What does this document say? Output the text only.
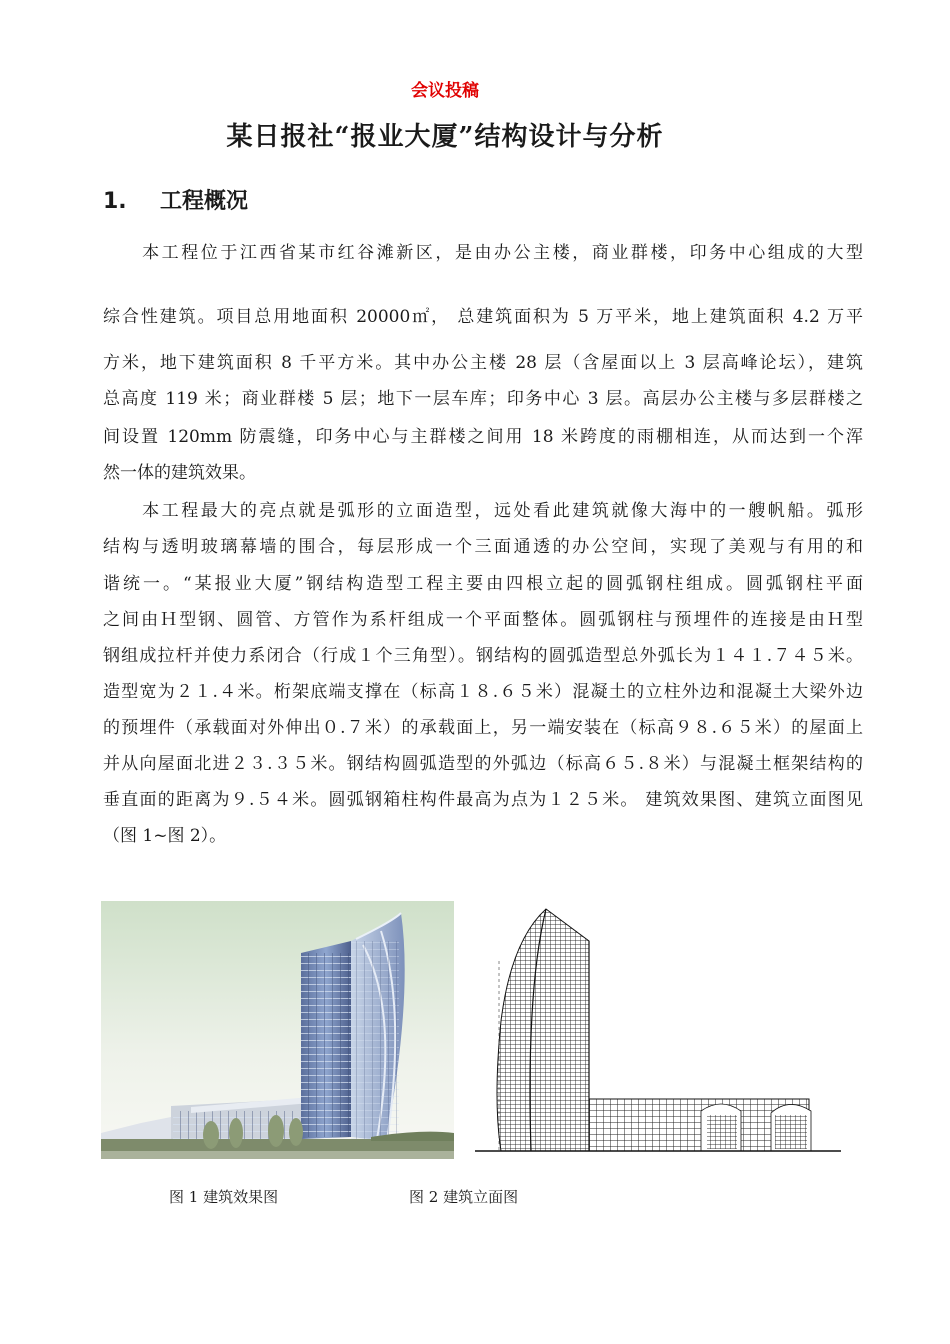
会议投稿
某日报社“报业大厦”结构设计与分析
1. 工程概况

　　本工程位于江西省某市红谷滩新区，是由办公主楼，商业群楼，印务中心组成的大型
综合性建筑。项目总用地面积 20000㎡， 总建筑面积为 5 万平米，地上建筑面积 4.2 万平
方米，地下建筑面积 8 千平方米。其中办公主楼 28 层（含屋面以上 3 层高峰论坛），建筑
总高度 119 米；商业群楼 5 层；地下一层车库；印务中心 3 层。高层办公主楼与多层群楼之
间设置 120mm 防震缝，印务中心与主群楼之间用 18 米跨度的雨棚相连，从而达到一个浑
然一体的建筑效果。

　　本工程最大的亮点就是弧形的立面造型，远处看此建筑就像大海中的一艘帆船。弧形
结构与透明玻璃幕墙的围合，每层形成一个三面通透的办公空间，实现了美观与有用的和
谐统一。“某报业大厦”钢结构造型工程主要由四根立起的圆弧钢柱组成。圆弧钢柱平面
之间由Ｈ型钢、圆管、方管作为系杆组成一个平面整体。圆弧钢柱与预埋件的连接是由Ｈ型
钢组成拉杆并使力系闭合（行成１个三角型）。钢结构的圆弧造型总外弧长为１４１.７４５米。
造型宽为２１.４米。桁架底端支撑在（标高１８.６５米）混凝土的立柱外边和混凝土大梁外边
的预埋件（承载面对外伸出０.７米）的承载面上，另一端安装在（标高９８.６５米）的屋面上
并从向屋面北进２３.３５米。钢结构圆弧造型的外弧边（标高６５.８米）与混凝土框架结构的
垂直面的距离为９.５４米。圆弧钢箱柱构件最高为点为１２５米。 建筑效果图、建筑立面图见
（图 1~图 2）。

图 1 建筑效果图	图 2 建筑立面图
